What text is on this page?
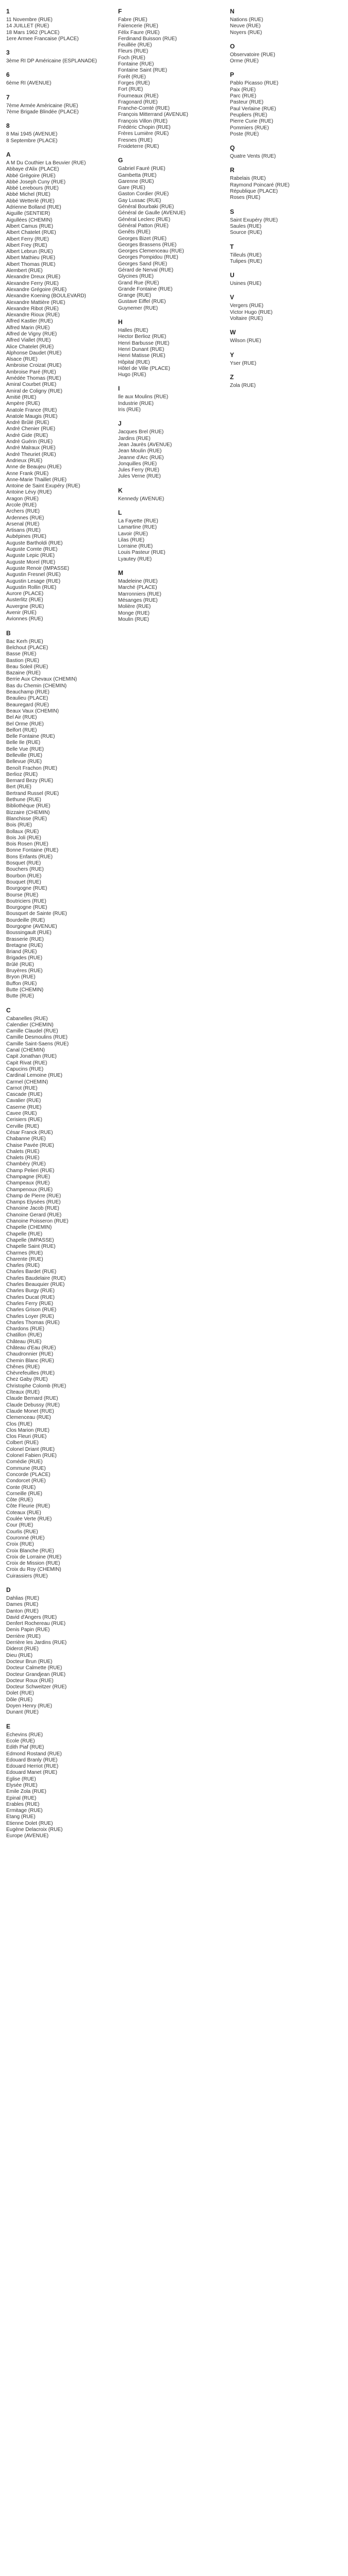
1
11 Novembre (RUE)
14 JUILLET (RUE)
18 Mars 1962 (PLACE)
1ere Armee Francaise (PLACE)
3
3ème RI DP Américaine (ESPLANADE)
6
6ème RI (AVENUE)
7
7ème Armée Américaine (RUE)
7ème Brigade Blindée (PLACE)
8
8 Mai 1945 (AVENUE)
8 Septembre (PLACE)
A
A M Du Couthier La Beuvier (RUE)
Abbaye d'Alix (PLACE)
Abbé Grégoire (RUE)
Abbé Joseph Cuny (RUE)
Abbé Lerebours (RUE)
Abbé Michel (RUE)
Abbé Wetterlé (RUE)
Adrienne Bolland (RUE)
Aiguille (SENTIER)
Aigullées (CHEMIN)
Albert Camus (RUE)
Albert Chatelet (RUE)
Albert Ferry (RUE)
Albert Frey (RUE)
Albert Lebrun (RUE)
Albert Mathieu (RUE)
Albert Thomas (RUE)
Alembert (RUE)
Alexandre Dreux (RUE)
Alexandre Ferry (RUE)
Alexandre Grégoire (RUE)
Alexandre Koening (BOULEVARD)
Alexandre Mattière (RUE)
Alexandre Ribot (RUE)
Alexandre Rioux (RUE)
Alfred Kastler (RUE)
Alfred Marin (RUE)
Alfred de Vigny (RUE)
Alfred Viallet (RUE)
Alice Chatelet (RUE)
Alphonse Daudet (RUE)
Alsace (RUE)
Ambroise Croizat (RUE)
Ambroise Paré (RUE)
Amédée Thomas (RUE)
Amiral Courbet (RUE)
Amiral de Coligny (RUE)
Amitié (RUE)
Ampère (RUE)
Anatole France (RUE)
Anatole Maugis (RUE)
André Brûlé (RUE)
André Chenier (RUE)
André Gide (RUE)
André Guérin (RUE)
André Malraux (RUE)
André Theuriet (RUE)
Andrieux (RUE)
Anne de Beaujeu (RUE)
Anne Frank (RUE)
Anne-Marie Thaillet (RUE)
Antoine de Saint Exupéry (RUE)
Antoine Lévy (RUE)
Aragon (RUE)
Arcole (RUE)
Archers (RUE)
Ardennes (RUE)
Arsenal (RUE)
Artisans (RUE)
Aubépines (RUE)
Auguste Bartholdi (RUE)
Auguste Comte (RUE)
Auguste Lepic (RUE)
Auguste Morel (RUE)
Auguste Renoir (IMPASSE)
Augustin Fresnel (RUE)
Augustin Lesage (RUE)
Augustin Rollin (RUE)
Aurore (PLACE)
Austerlitz (RUE)
Auvergne (RUE)
Avenir (RUE)
Avionnes (RUE)
B
Bac Kerh (RUE)
Belchout (PLACE)
Basse (RUE)
Bastion (RUE)
Beau Soleil (RUE)
Bazaine (RUE)
Berrie Aux Chevaux (CHEMIN)
Bas du Chemin (CHEMIN)
Beauchamp (RUE)
Beaulieu (PLACE)
Beauregard (RUE)
Beaux Vaux (CHEMIN)
Bel Air (RUE)
Bel Orme (RUE)
Belfort (RUE)
Belle Fontaine (RUE)
Belle Ile (RUE)
Belle Vue (RUE)
Belleville (RUE)
Bellevue (RUE)
Benoît Frachon (RUE)
Berlioz (RUE)
Bernard Bezy (RUE)
Bert (RUE)
Bertrand Russel (RUE)
Bethune (RUE)
Bibliothèque (RUE)
Bizzaire (CHEMIN)
Blanchisse (RUE)
Bois (RUE)
Bollaux (RUE)
Bois Joli (RUE)
Bois Rosen (RUE)
Bonne Fontaine (RUE)
Bons Enfants (RUE)
Bosquet (RUE)
Bouchers (RUE)
Bourbon (RUE)
Bouquet (RUE)
Bourgogne (RUE)
Bourse (RUE)
Boutriciers (RUE)
Bourgogne (RUE)
Bousquet de Sainte (RUE)
Bourdeille (RUE)
Bourgogne (AVENUE)
Boussingault (RUE)
Brasserie (RUE)
Bretagne (RUE)
Briand (RUE)
Brigades (RUE)
Brûlé (RUE)
Bruyères (RUE)
Bryon (RUE)
Buffon (RUE)
Butte (CHEMIN)
Butte (RUE)
C
Cabanelles (RUE)
Calendier (CHEMIN)
Camille Claudel (RUE)
Camille Desmoulins (RUE)
Camille Saint-Saens (RUE)
Canal (CHEMIN)
Capit Jonathan (RUE)
Capit Rivat (RUE)
Capucins (RUE)
Cardinal Lemoine (RUE)
Carmel (CHEMIN)
Carnot (RUE)
Cascade (RUE)
Cavalier (RUE)
Caserne (RUE)
Cavee (RUE)
Cerisiers (RUE)
Cerville (RUE)
César Franck (RUE)
Chabanne (RUE)
Chaise Pavée (RUE)
Chalets (RUE)
Chalets (RUE)
Chambéry (RUE)
Champ Pelieri (RUE)
Champagne (RUE)
Champeaux (RUE)
Champenoux (RUE)
Champ de Pierre (RUE)
Champs Elysées (RUE)
Chanoine Jacob (RUE)
Chanoine Gerard (RUE)
Chanoine Poisseron (RUE)
Chapelle (CHEMIN)
Chapelle (RUE)
Chapelle (IMPASSE)
Chapelle Saint (RUE)
Charmes (RUE)
Charente (RUE)
Charles (RUE)
Charles Bardet (RUE)
Charles Baudelaire (RUE)
Charles Beauquier (RUE)
Charles Burgy (RUE)
Charles Ducat (RUE)
Charles Ferry (RUE)
Charles Grison (RUE)
Charles Loyer (RUE)
Charles Thomas (RUE)
Chardons (RUE)
Chatillon (RUE)
Château (RUE)
Château d'Eau (RUE)
Chaudronnier (RUE)
Chemin Blanc (RUE)
Chênes (RUE)
Chèvrefeuilles (RUE)
Chez Gaby (RUE)
Christophe Colomb (RUE)
Cîteaux (RUE)
Claude Bernard (RUE)
Claude Debussy (RUE)
Claude Monet (RUE)
Clemenceau (RUE)
Clos (RUE)
Clos Marion (RUE)
Clos Fleuri (RUE)
Colbert (RUE)
Colonel Driant (RUE)
Colonel Fabien (RUE)
Comédie (RUE)
Commune (RUE)
Concorde (PLACE)
Condorcet (RUE)
Conte (RUE)
Corneille (RUE)
Côte (RUE)
Côte Fleurie (RUE)
Coteaux (RUE)
Coulée Verte (RUE)
Cour (RUE)
Courlis (RUE)
Couronné (RUE)
Croix (RUE)
Croix Blanche (RUE)
Croix de Lorraine (RUE)
Croix de Mission (RUE)
Croix du Roy (CHEMIN)
Cuirassiers (RUE)
D
Dahlias (RUE)
Dames (RUE)
Danton (RUE)
David d'Angers (RUE)
Denfert Rochereau (RUE)
Denis Papin (RUE)
Derrière (RUE)
Derrière les Jardins (RUE)
Diderot (RUE)
Dieu (RUE)
Docteur Brun (RUE)
Docteur Calmette (RUE)
Docteur Grandjean (RUE)
Docteur Roux (RUE)
Docteur Schweitzer (RUE)
Dolet (RUE)
Dôle (RUE)
Doyen Henry (RUE)
Dunant (RUE)
E
Échevins (RUE)
Ecole (RUE)
Edith Piaf (RUE)
Edmond Rostand (RUE)
Edouard Branly (RUE)
Édouard Herriot (RUE)
Édouard Manet (RUE)
Église (RUE)
Elysée (RUE)
Émile Zola (RUE)
Epinal (RUE)
Erables (RUE)
Ermitage (RUE)
Etang (RUE)
Étienne Dolet (RUE)
Eugène Delacroix (RUE)
Europe (AVENUE)
F
Fabre (RUE)
Faïencerie (RUE)
Félix Faure (RUE)
Ferdinand Buisson (RUE)
Feuillée (RUE)
Fleurs (RUE)
Foch (RUE)
Fontaine (RUE)
Fontaine Saint (RUE)
Forêt (RUE)
Forges (RUE)
Fort (RUE)
Fourneaux (RUE)
Fragonard (RUE)
Franche-Comté (RUE)
François Mitterrand (AVENUE)
François Villon (RUE)
Frédéric Chopin (RUE)
Frères Lumière (RUE)
Fresnes (RUE)
Froideterre (RUE)
G
Gabriel Fauré (RUE)
Gambetta (RUE)
Garenne (RUE)
Gare (RUE)
Gaston Cordier (RUE)
Gay Lussac (RUE)
Général Bourbaki (RUE)
Général de Gaulle (AVENUE)
Général Leclerc (RUE)
Général Patton (RUE)
Genêts (RUE)
Georges Bizet (RUE)
Georges Brassens (RUE)
Georges Clemenceau (RUE)
Georges Pompidou (RUE)
Georges Sand (RUE)
Gérard de Nerval (RUE)
Glycines (RUE)
Grand Rue (RUE)
Grande Fontaine (RUE)
Grange (RUE)
Gustave Eiffel (RUE)
Guynemer (RUE)
H
Halles (RUE)
Hector Berlioz (RUE)
Henri Barbusse (RUE)
Henri Dunant (RUE)
Henri Matisse (RUE)
Hôpital (RUE)
Hôtel de Ville (PLACE)
Hugo (RUE)
I
Île aux Moulins (RUE)
Industrie (RUE)
Iris (RUE)
J
Jacques Brel (RUE)
Jardins (RUE)
Jean Jaurès (AVENUE)
Jean Moulin (RUE)
Jeanne d'Arc (RUE)
Jonquilles (RUE)
Jules Ferry (RUE)
Jules Verne (RUE)
K
Kennedy (AVENUE)
L
La Fayette (RUE)
Lamartine (RUE)
Lavoir (RUE)
Lilas (RUE)
Lorraine (RUE)
Louis Pasteur (RUE)
Lyautey (RUE)
M
Madeleine (RUE)
Marché (PLACE)
Marronniers (RUE)
Mésanges (RUE)
Molière (RUE)
Monge (RUE)
Moulin (RUE)
N
Nations (RUE)
Neuve (RUE)
Noyers (RUE)
O
Observatoire (RUE)
Orme (RUE)
P
Pablo Picasso (RUE)
Paix (RUE)
Parc (RUE)
Pasteur (RUE)
Paul Verlaine (RUE)
Peupliers (RUE)
Pierre Curie (RUE)
Pommiers (RUE)
Poste (RUE)
Q
Quatre Vents (RUE)
R
Rabelais (RUE)
Raymond Poincaré (RUE)
République (PLACE)
Roses (RUE)
S
Saint Exupéry (RUE)
Saules (RUE)
Source (RUE)
T
Tilleuls (RUE)
Tulipes (RUE)
U
Usines (RUE)
V
Vergers (RUE)
Victor Hugo (RUE)
Voltaire (RUE)
W
Wilson (RUE)
Y
Yser (RUE)
Z
Zola (RUE)
